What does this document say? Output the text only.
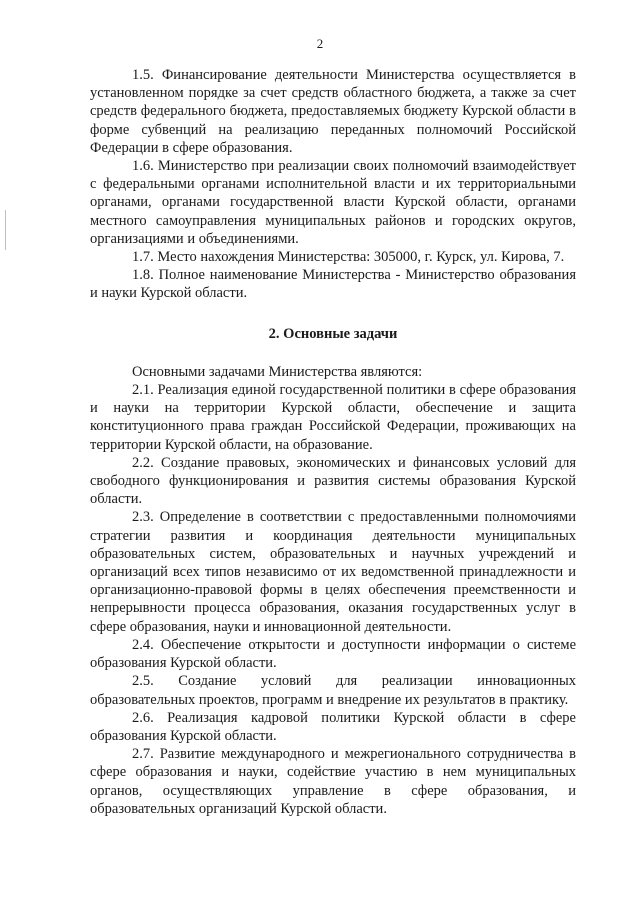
2

1.5. Финансирование деятельности Министерства осуществляется в установленном порядке за счет средств областного бюджета, а также за счет средств федерального бюджета, предоставляемых бюджету Курской области в форме субвенций на реализацию переданных полномочий Российской Федерации в сфере образования.

1.6. Министерство при реализации своих полномочий взаимодействует с федеральными органами исполнительной власти и их территориальными органами, органами государственной власти Курской области, органами местного самоуправления муниципальных районов и городских округов, организациями и объединениями.

1.7. Место нахождения Министерства: 305000, г. Курск, ул. Кирова, 7.

1.8. Полное наименование Министерства - Министерство образования и науки Курской области.

2. Основные задачи

Основными задачами Министерства являются:

2.1. Реализация единой государственной политики в сфере образования и науки на территории Курской области, обеспечение и защита конституционного права граждан Российской Федерации, проживающих на территории Курской области, на образование.

2.2. Создание правовых, экономических и финансовых условий для свободного функционирования и развития системы образования Курской области.

2.3. Определение в соответствии с предоставленными полномочиями стратегии развития и координация деятельности муниципальных образовательных систем, образовательных и научных учреждений и организаций всех типов независимо от их ведомственной принадлежности и организационно-правовой формы в целях обеспечения преемственности и непрерывности процесса образования, оказания государственных услуг в сфере образования, науки и инновационной деятельности.

2.4. Обеспечение открытости и доступности информации о системе образования Курской области.

2.5. Создание условий для реализации инновационных образовательных проектов, программ и внедрение их результатов в практику.

2.6. Реализация кадровой политики Курской области в сфере образования Курской области.

2.7. Развитие международного и межрегионального сотрудничества в сфере образования и науки, содействие участию в нем муниципальных органов, осуществляющих управление в сфере образования, и образовательных организаций Курской области.
